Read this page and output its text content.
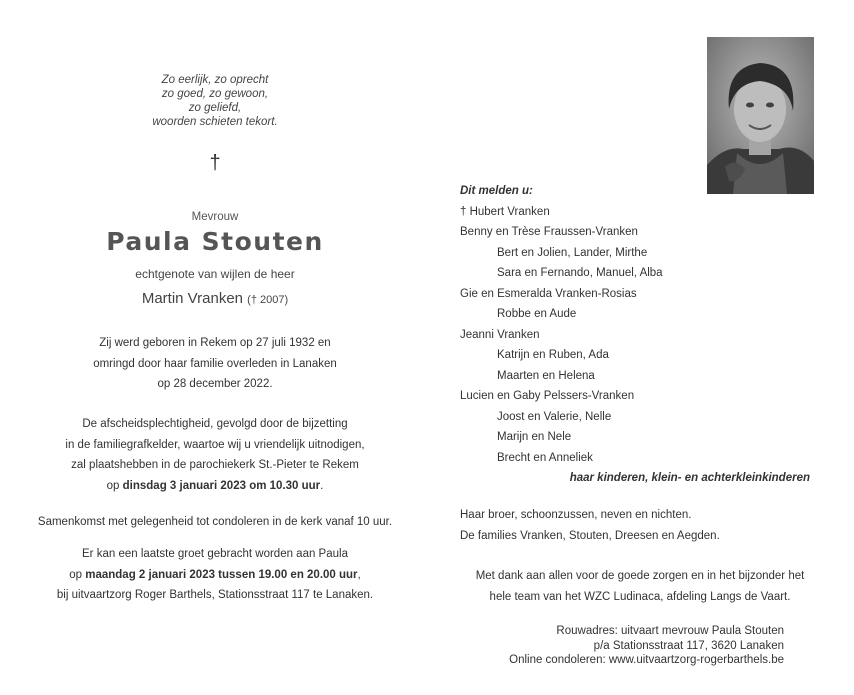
Zo eerlijk, zo oprecht
zo goed, zo gewoon,
zo geliefd,
woorden schieten tekort.
†
Mevrouw
Paula Stouten
echtgenote van wijlen de heer
Martin Vranken († 2007)
Zij werd geboren in Rekem op 27 juli 1932 en
omringd door haar familie overleden in Lanaken
op 28 december 2022.
De afscheidsplechtigheid, gevolgd door de bijzetting
in de familiegrafkelder, waartoe wij u vriendelijk uitnodigen,
zal plaatshebben in de parochiekerk St.-Pieter te Rekem
op dinsdag 3 januari 2023 om 10.30 uur.
Samenkomst met gelegenheid tot condoleren in de kerk vanaf 10 uur.
Er kan een laatste groet gebracht worden aan Paula
op maandag 2 januari 2023 tussen 19.00 en 20.00 uur,
bij uitvaartzorg Roger Barthels, Stationsstraat 117 te Lanaken.
Dit melden u:
† Hubert Vranken
Benny en Trèse Fraussen-Vranken
Bert en Jolien, Lander, Mirthe
Sara en Fernando, Manuel, Alba
Gie en Esmeralda Vranken-Rosias
Robbe en Aude
Jeanni Vranken
Katrijn en Ruben, Ada
Maarten en Helena
Lucien en Gaby Pelssers-Vranken
Joost en Valerie, Nelle
Marijn en Nele
Brecht en Anneliek
haar kinderen, klein- en achterkleinkinderen
Haar broer, schoonzussen, neven en nichten.
De families Vranken, Stouten, Dreesen en Aegden.
Met dank aan allen voor de goede zorgen en in het bijzonder het
hele team van het WZC Ludinaca, afdeling Langs de Vaart.
Rouwadres: uitvaart mevrouw Paula Stouten
p/a Stationsstraat 117, 3620 Lanaken
Online condoleren: www.uitvaartzorg-rogerbarthels.be
